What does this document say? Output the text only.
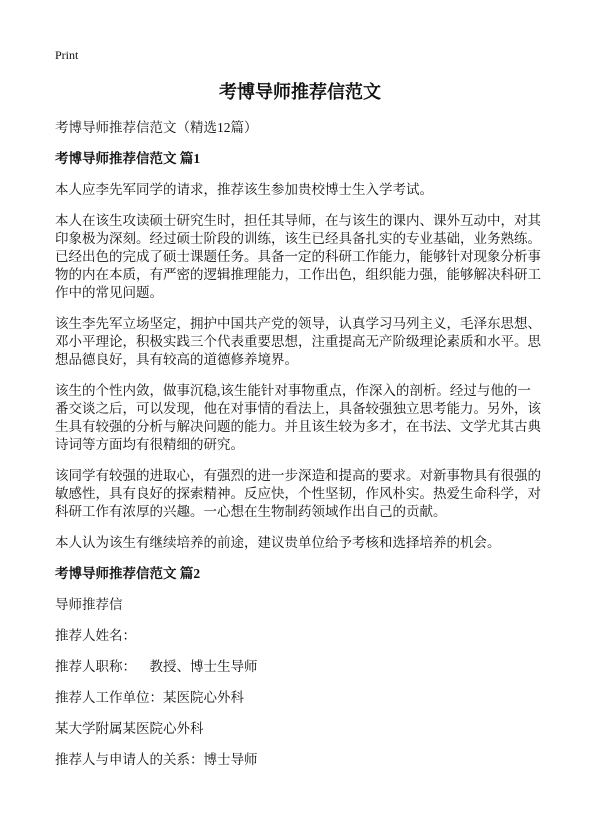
Print
考博导师推荐信范文

考博导师推荐信范文（精选12篇）

考博导师推荐信范文 篇1

本人应李先军同学的请求，推荐该生参加贵校博士生入学考试。

本人在该生攻读硕士研究生时，担任其导师，在与该生的课内、课外互动中，对其
印象极为深刻。经过硕士阶段的训练，该生已经具备扎实的专业基础，业务熟练。
已经出色的完成了硕士课题任务。具备一定的科研工作能力，能够针对现象分析事
物的内在本质，有严密的逻辑推理能力，工作出色，组织能力强，能够解决科研工
作中的常见问题。

该生李先军立场坚定，拥护中国共产党的领导，认真学习马列主义，毛泽东思想、
邓小平理论，积极实践三个代表重要思想，注重提高无产阶级理论素质和水平。思
想品德良好，具有较高的道德修养境界。

该生的个性内敛，做事沉稳,该生能针对事物重点，作深入的剖析。经过与他的一
番交谈之后，可以发现，他在对事情的看法上，具备较强独立思考能力。另外，该
生具有较强的分析与解决问题的能力。并且该生较为多才，在书法、文学尤其古典
诗词等方面均有很精细的研究。

该同学有较强的进取心，有强烈的进一步深造和提高的要求。对新事物具有很强的
敏感性，具有良好的探索精神。反应快，个性坚韧，作风朴实。热爱生命科学，对
科研工作有浓厚的兴趣。一心想在生物制药领域作出自己的贡献。

本人认为该生有继续培养的前途，建议贵单位给予考核和选择培养的机会。

考博导师推荐信范文 篇2

导师推荐信

推荐人姓名：

推荐人职称：    教授、博士生导师

推荐人工作单位：某医院心外科

某大学附属某医院心外科

推荐人与申请人的关系：博士导师
